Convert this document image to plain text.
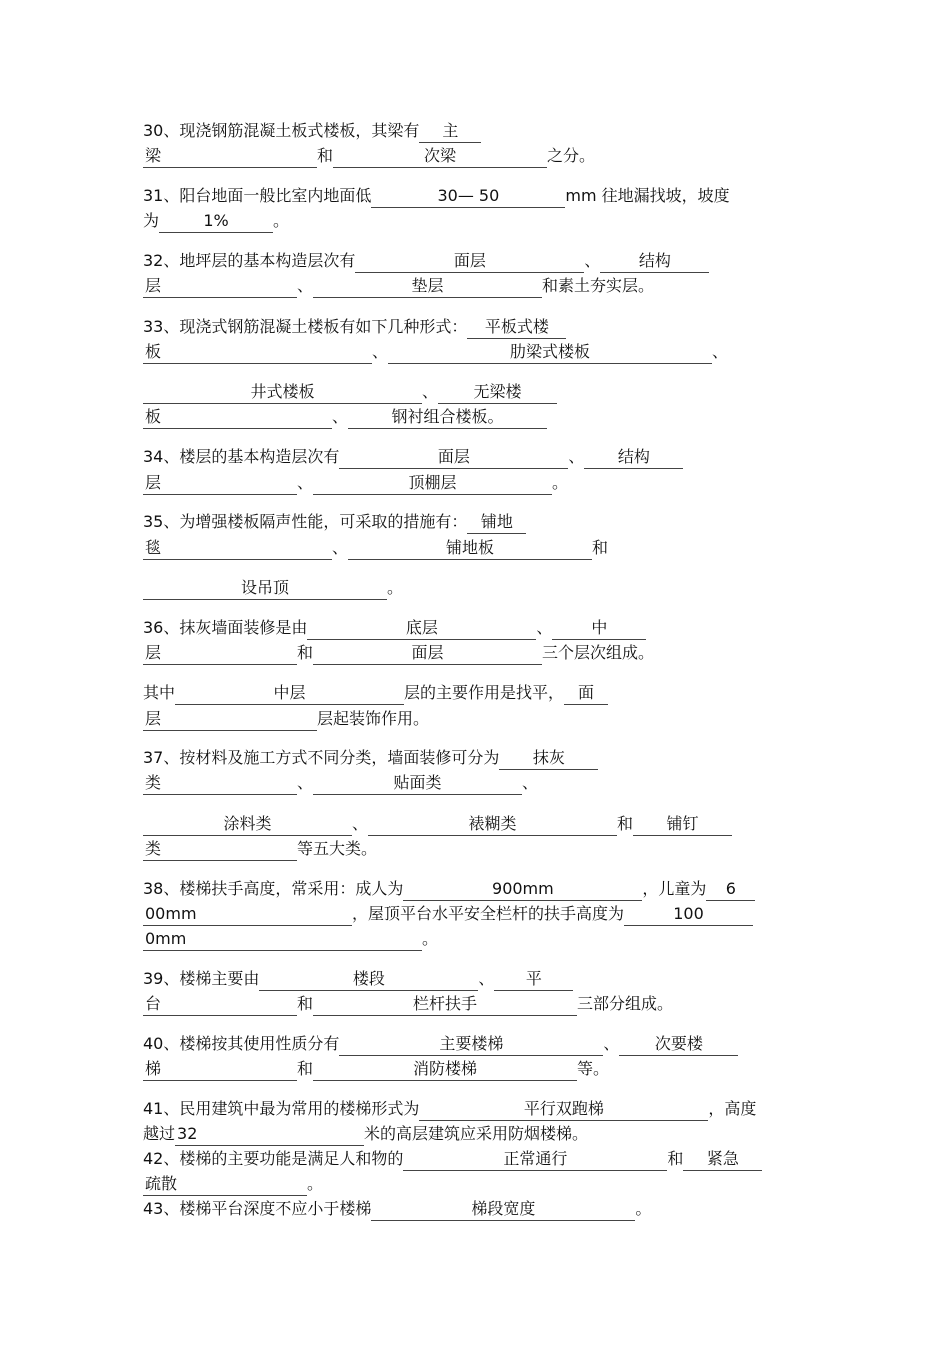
30、现浇钢筋混凝土板式楼板，其梁有 主
梁	和	次梁	之分。
31、阳台地面一般比室内地面低	30— 50	mm 往地漏找坡，坡度
为	1%	。
32、地坪层的基本构造层次有	面层	、 结构
层	、	垫层	和素土夯实层。
33、现浇式钢筋混凝土楼板有如下几种形式： 平板式楼
板	、	肋梁式楼板	、
井式楼板	、 无梁楼
板	、	钢衬组合楼板。
34、楼层的基本构造层次有	面层	、 结构
层	、	顶棚层	。
35、为增强楼板隔声性能，可采取的措施有： 铺地
毯	、	铺地板	和
设吊顶	。
36、抹灰墙面装修是由	底层	、 中
层	和	面层	三个层次组成。
其中	中层	层的主要作用是找平， 面
层	层起装饰作用。
37、按材料及施工方式不同分类，墙面装修可分为 抹灰
类	、	贴面类	、
涂料类	、	裱糊类	和 铺钉
类	等五大类。
38、楼梯扶手高度，常采用：成人为	900mm	，儿童为 6
00mm	，屋顶平台水平安全栏杆的扶手高度为	100
0mm	。
39、楼梯主要由	楼段	、 平
台	和	栏杆扶手	三部分组成。
40、楼梯按其使用性质分有	主要楼梯	、 次要楼
梯	和	消防楼梯	等。
41、民用建筑中最为常用的楼梯形式为	平行双跑梯	，高度
越过 32	米的高层建筑应采用防烟楼梯。
42、楼梯的主要功能是满足人和物的	正常通行	和 紧急
疏散	。
43、楼梯平台深度不应小于楼梯	梯段宽度	。
